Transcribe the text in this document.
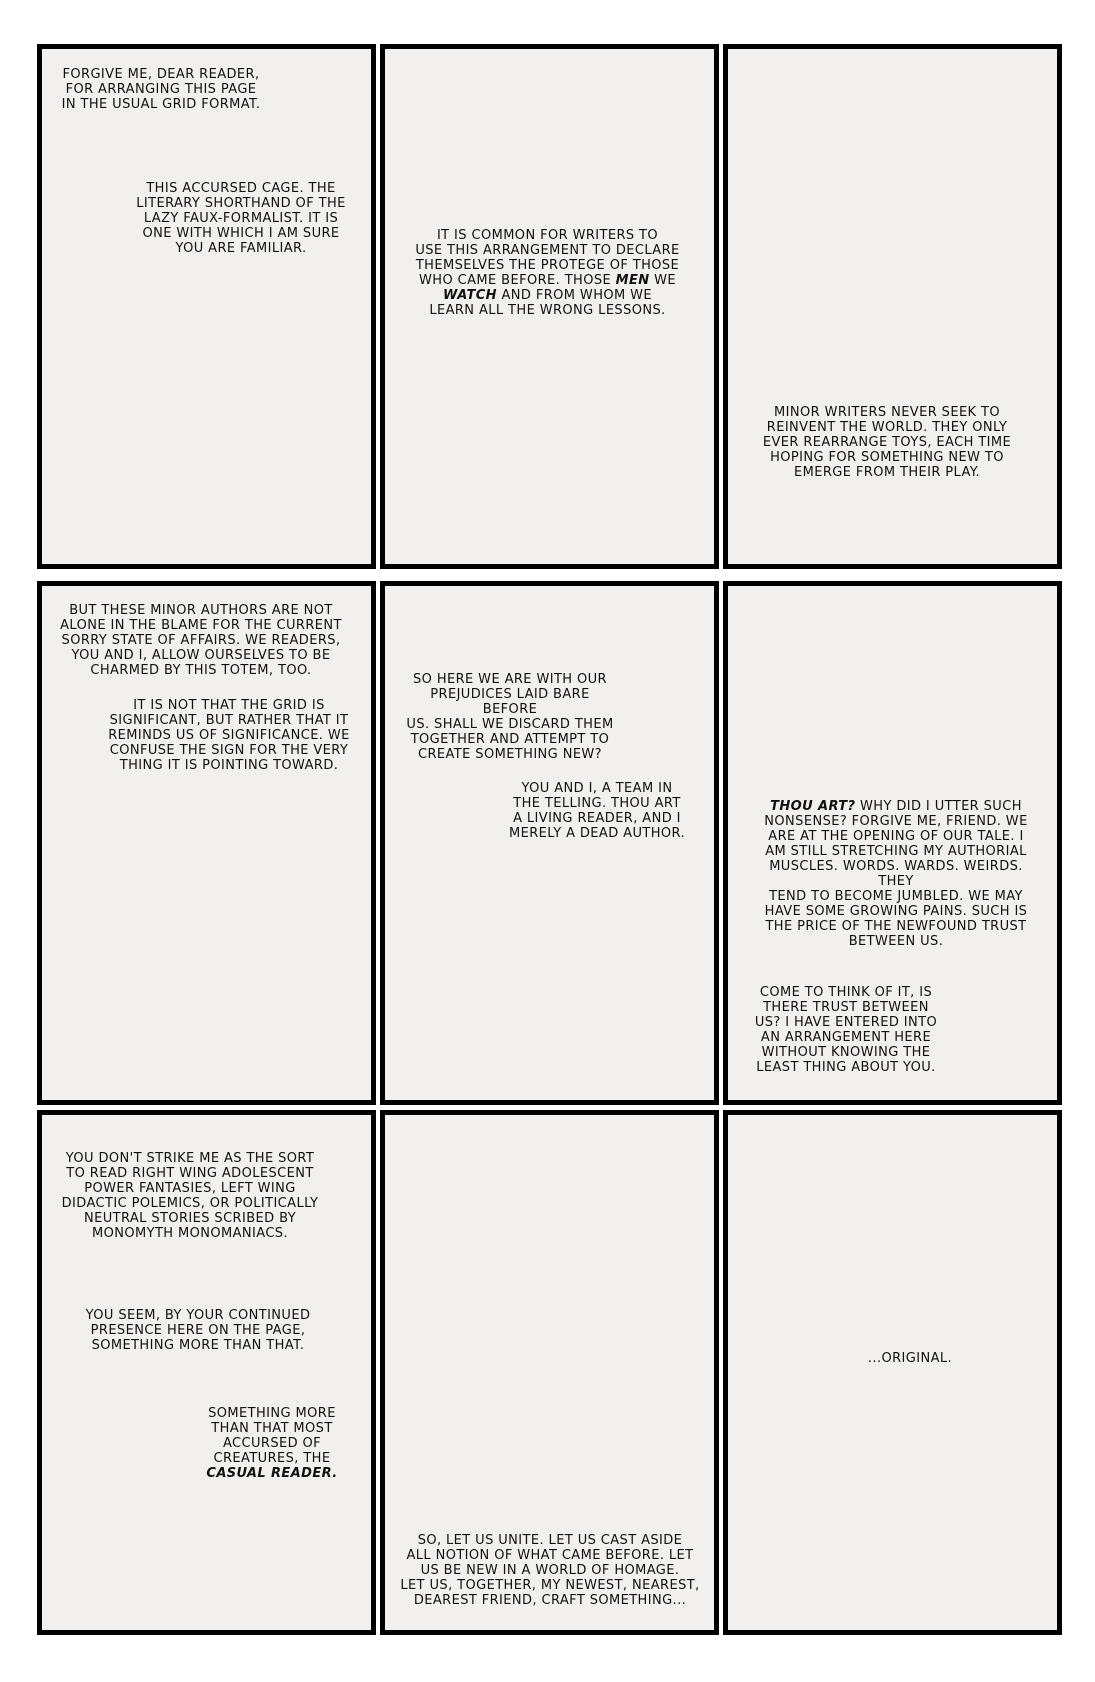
FORGIVE ME, DEAR READER,
FOR ARRANGING THIS PAGE
IN THE USUAL GRID FORMAT.
THIS ACCURSED CAGE. THE
LITERARY SHORTHAND OF THE
LAZY FAUX-FORMALIST. IT IS
ONE WITH WHICH I AM SURE
YOU ARE FAMILIAR.
IT IS COMMON FOR WRITERS TO
USE THIS ARRANGEMENT TO DECLARE
THEMSELVES THE PROTEGE OF THOSE
WHO CAME BEFORE. THOSE MEN WE
WATCH AND FROM WHOM WE
LEARN ALL THE WRONG LESSONS.
MINOR WRITERS NEVER SEEK TO
REINVENT THE WORLD. THEY ONLY
EVER REARRANGE TOYS, EACH TIME
HOPING FOR SOMETHING NEW TO
EMERGE FROM THEIR PLAY.
BUT THESE MINOR AUTHORS ARE NOT
ALONE IN THE BLAME FOR THE CURRENT
SORRY STATE OF AFFAIRS. WE READERS,
YOU AND I, ALLOW OURSELVES TO BE
CHARMED BY THIS TOTEM, TOO.
IT IS NOT THAT THE GRID IS
SIGNIFICANT, BUT RATHER THAT IT
REMINDS US OF SIGNIFICANCE. WE
CONFUSE THE SIGN FOR THE VERY
THING IT IS POINTING TOWARD.
SO HERE WE ARE WITH OUR
PREJUDICES LAID BARE BEFORE
US. SHALL WE DISCARD THEM
TOGETHER AND ATTEMPT TO
CREATE SOMETHING NEW?
YOU AND I, A TEAM IN
THE TELLING. THOU ART
A LIVING READER, AND I
MERELY A DEAD AUTHOR.
THOU ART? WHY DID I UTTER SUCH
NONSENSE? FORGIVE ME, FRIEND. WE
ARE AT THE OPENING OF OUR TALE. I
AM STILL STRETCHING MY AUTHORIAL
MUSCLES. WORDS. WARDS. WEIRDS. THEY
TEND TO BECOME JUMBLED. WE MAY
HAVE SOME GROWING PAINS. SUCH IS
THE PRICE OF THE NEWFOUND TRUST
BETWEEN US.
COME TO THINK OF IT, IS
THERE TRUST BETWEEN
US? I HAVE ENTERED INTO
AN ARRANGEMENT HERE
WITHOUT KNOWING THE
LEAST THING ABOUT YOU.
YOU DON'T STRIKE ME AS THE SORT
TO READ RIGHT WING ADOLESCENT
POWER FANTASIES, LEFT WING
DIDACTIC POLEMICS, OR POLITICALLY
NEUTRAL STORIES SCRIBED BY
MONOMYTH MONOMANIACS.
YOU SEEM, BY YOUR CONTINUED
PRESENCE HERE ON THE PAGE,
SOMETHING MORE THAN THAT.
SOMETHING MORE
THAN THAT MOST
ACCURSED OF
CREATURES, THE
CASUAL READER.
SO, LET US UNITE. LET US CAST ASIDE
ALL NOTION OF WHAT CAME BEFORE. LET
US BE NEW IN A WORLD OF HOMAGE.
LET US, TOGETHER, MY NEWEST, NEAREST,
DEAREST FRIEND, CRAFT SOMETHING...
...ORIGINAL.
